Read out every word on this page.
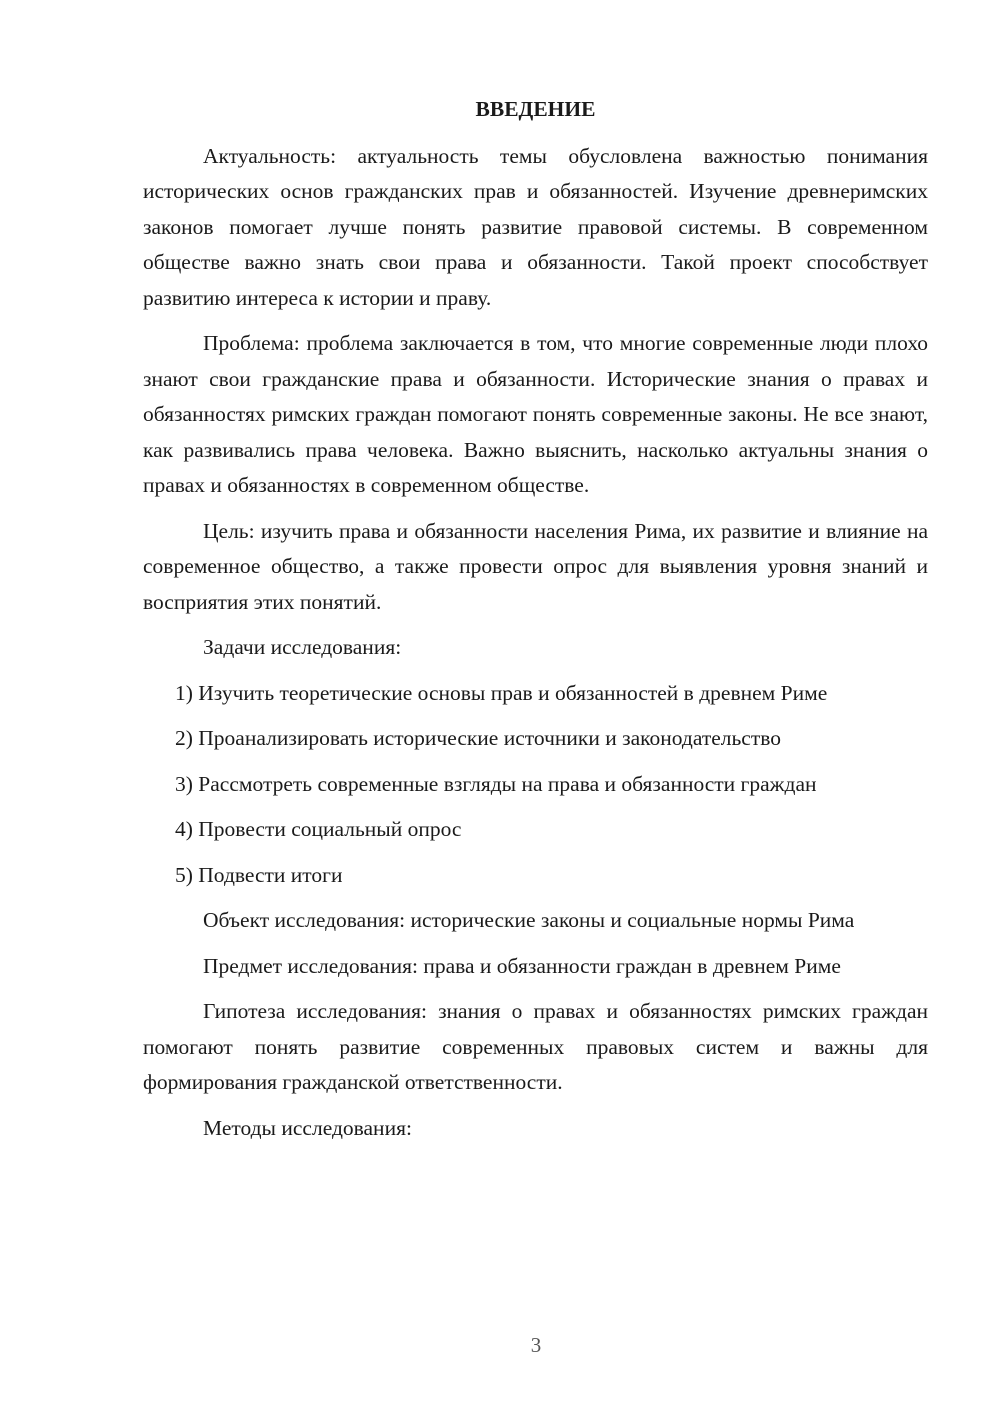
ВВЕДЕНИЕ

Актуальность: актуальность темы обусловлена важностью понимания исторических основ гражданских прав и обязанностей. Изучение древнеримских законов помогает лучше понять развитие правовой системы. В современном обществе важно знать свои права и обязанности. Такой проект способствует развитию интереса к истории и праву.

Проблема: проблема заключается в том, что многие современные люди плохо знают свои гражданские права и обязанности. Исторические знания о правах и обязанностях римских граждан помогают понять современные законы. Не все знают, как развивались права человека. Важно выяснить, насколько актуальны знания о правах и обязанностях в современном обществе.

Цель: изучить права и обязанности населения Рима, их развитие и влияние на современное общество, а также провести опрос для выявления уровня знаний и восприятия этих понятий.

Задачи исследования:

1) Изучить теоретические основы прав и обязанностей в древнем Риме
2) Проанализировать исторические источники и законодательство
3) Рассмотреть современные взгляды на права и обязанности граждан
4) Провести социальный опрос
5) Подвести итоги

Объект исследования: исторические законы и социальные нормы Рима

Предмет исследования: права и обязанности граждан в древнем Риме

Гипотеза исследования: знания о правах и обязанностях римских граждан помогают понять развитие современных правовых систем и важны для формирования гражданской ответственности.

Методы исследования:

3
